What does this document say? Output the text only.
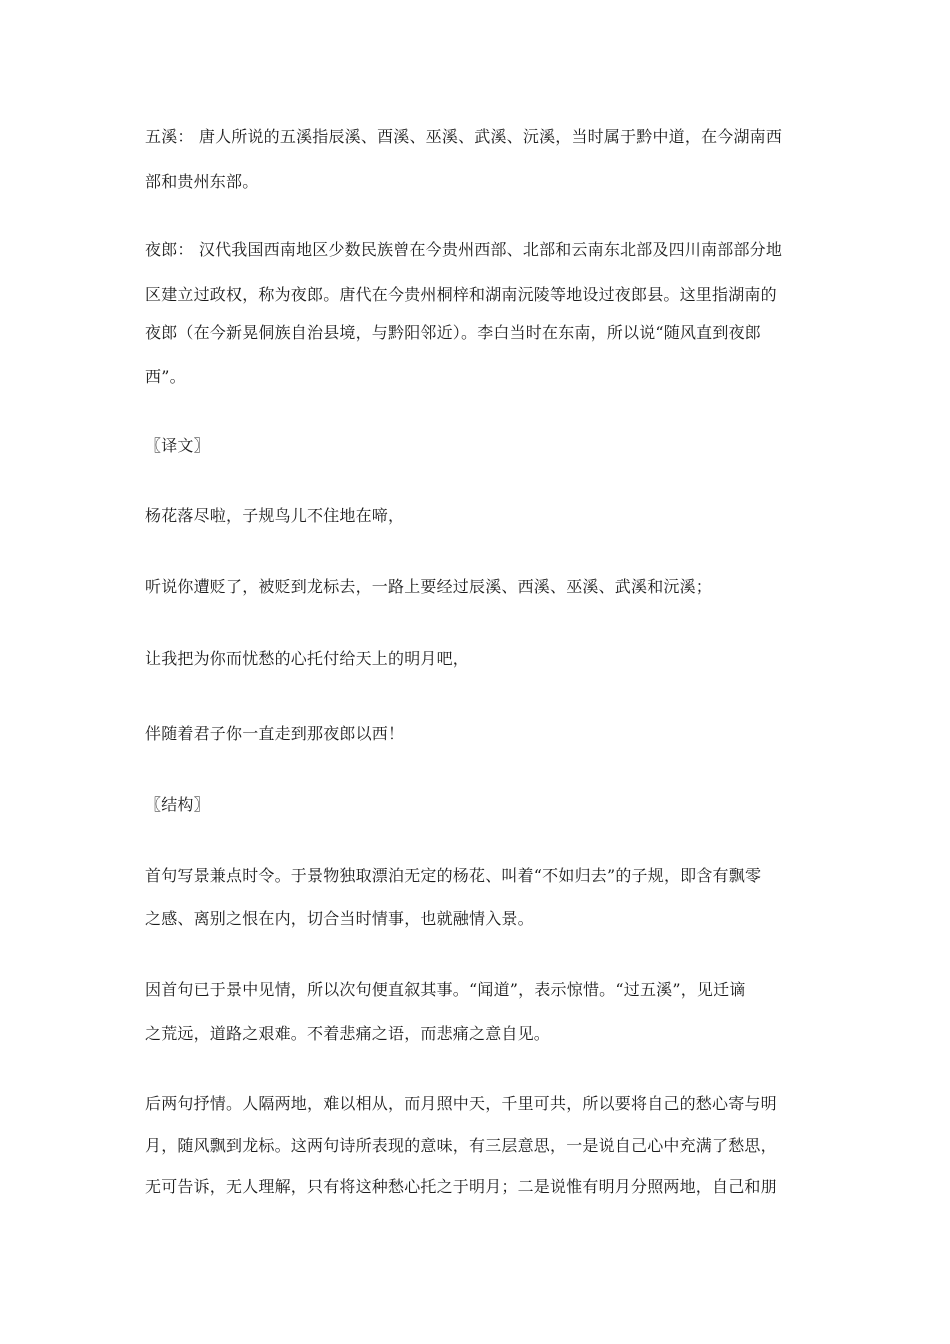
五溪： 唐人所说的五溪指辰溪、酉溪、巫溪、武溪、沅溪，当时属于黔中道，在今湖南西
部和贵州东部。
夜郎： 汉代我国西南地区少数民族曾在今贵州西部、北部和云南东北部及四川南部部分地
区建立过政权，称为夜郎。唐代在今贵州桐梓和湖南沅陵等地设过夜郎县。这里指湖南的
夜郎（在今新晃侗族自治县境，与黔阳邻近）。李白当时在东南，所以说“随风直到夜郎
西”。
〖译文〗
杨花落尽啦，子规鸟儿不住地在啼，
听说你遭贬了，被贬到龙标去，一路上要经过辰溪、西溪、巫溪、武溪和沅溪；
让我把为你而忧愁的心托付给天上的明月吧，
伴随着君子你一直走到那夜郎以西！
〖结构〗
首句写景兼点时令。于景物独取漂泊无定的杨花、叫着“不如归去”的子规，即含有飘零
之感、离别之恨在内，切合当时情事，也就融情入景。
因首句已于景中见情，所以次句便直叙其事。“闻道”，表示惊惜。“过五溪”，见迁谪
之荒远，道路之艰难。不着悲痛之语，而悲痛之意自见。
后两句抒情。人隔两地，难以相从，而月照中天，千里可共，所以要将自己的愁心寄与明
月，随风飘到龙标。这两句诗所表现的意味，有三层意思，一是说自己心中充满了愁思，
无可告诉，无人理解，只有将这种愁心托之于明月；二是说惟有明月分照两地，自己和朋
